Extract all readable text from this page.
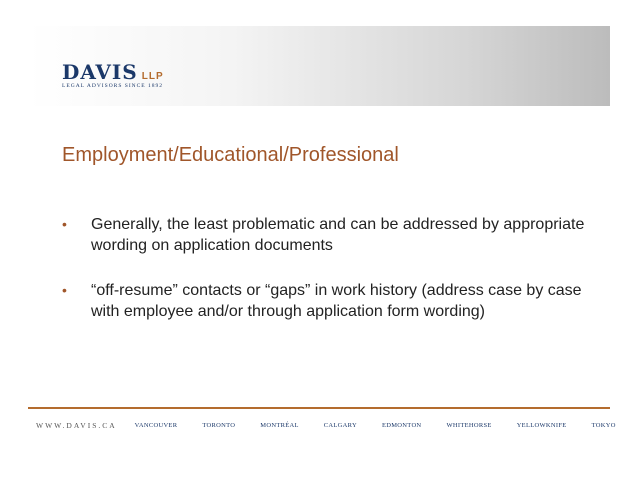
DAVIS LLP
LEGAL ADVISORS SINCE 1892
Employment/Educational/Professional
•	Generally, the least problematic and can be addressed by appropriate wording on application documents
•	“off-resume” contacts or “gaps” in work history (address case by case with employee and/or through application form wording)
WWW.DAVIS.CA	VANCOUVER	TORONTO	MONTRÉAL	CALGARY	EDMONTON	WHITEHORSE	YELLOWKNIFE	TOKYO
